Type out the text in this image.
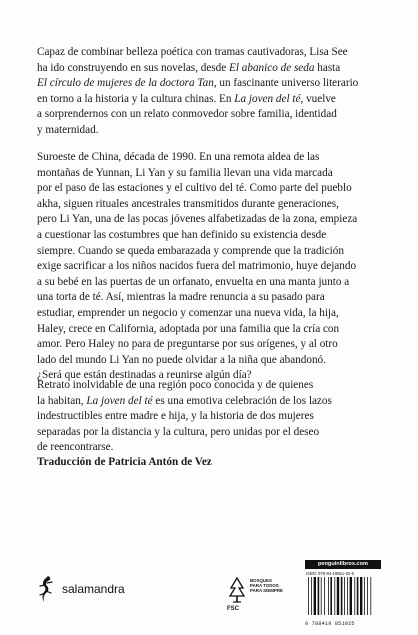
Capaz de combinar belleza poética con tramas cautivadoras, Lisa See
ha ido construyendo en sus novelas, desde El abanico de seda hasta
El círculo de mujeres de la doctora Tan, un fascinante universo literario
en torno a la historia y la cultura chinas. En La joven del té, vuelve
a sorprendernos con un relato conmovedor sobre familia, identidad
y maternidad.
Suroeste de China, década de 1990. En una remota aldea de las
montañas de Yunnan, Li Yan y su familia llevan una vida marcada
por el paso de las estaciones y el cultivo del té. Como parte del pueblo
akha, siguen rituales ancestrales transmitidos durante generaciones,
pero Li Yan, una de las pocas jóvenes alfabetizadas de la zona, empieza
a cuestionar las costumbres que han definido su existencia desde
siempre. Cuando se queda embarazada y comprende que la tradición
exige sacrificar a los niños nacidos fuera del matrimonio, huye dejando
a su bebé en las puertas de un orfanato, envuelta en una manta junto a
una torta de té. Así, mientras la madre renuncia a su pasado para
estudiar, emprender un negocio y comenzar una nueva vida, la hija,
Haley, crece en California, adoptada por una familia que la cría con
amor. Pero Haley no para de preguntarse por sus orígenes, y al otro
lado del mundo Li Yan no puede olvidar a la niña que abandonó.
¿Será que están destinadas a reunirse algún día?
Retrato inolvidable de una región poco conocida y de quienes
la habitan, La joven del té es una emotiva celebración de los lazos
indestructibles entre madre e hija, y la historia de dos mujeres
separadas por la distancia y la cultura, pero unidas por el deseo
de reencontrarse.
Traducción de Patricia Antón de Vez
salamandra
BOSQUES
PARA TODOS
PARA SIEMPRE
FSC
penguinlibros.com
ISBN: 978-84-19851-92-5
9 788419 851925
